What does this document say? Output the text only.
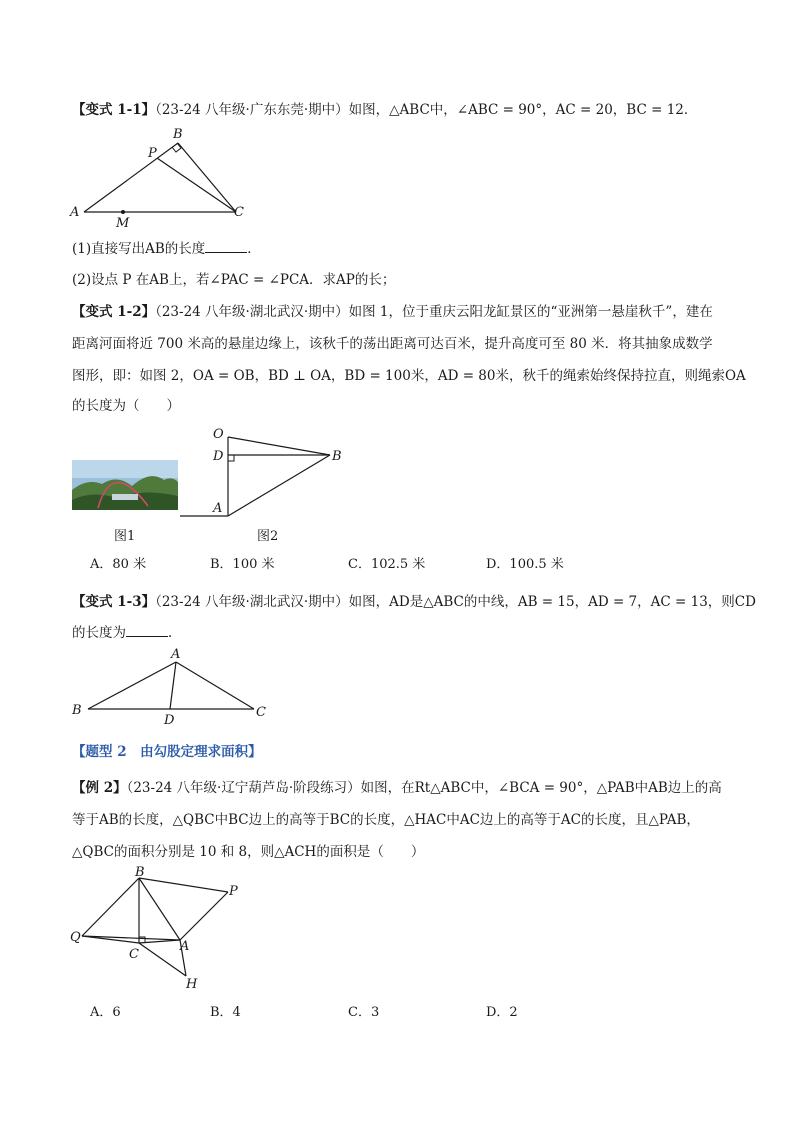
【变式 1-1】（23-24 八年级·广东东莞·期中）如图，△ABC中，∠ABC = 90°，AC = 20，BC = 12．
A
B
C
P
M
(1)直接写出AB的长度	．
(2)设点 P 在AB上，若∠PAC = ∠PCA．求AP的长；
【变式 1-2】（23-24 八年级·湖北武汉·期中）如图 1，位于重庆云阳龙缸景区的“亚洲第一悬崖秋千”，建在
距离河面将近 700 米高的悬崖边缘上，该秋千的荡出距离可达百米，提升高度可至 80 米．将其抽象成数学
图形，即：如图 2，OA = OB，BD ⊥ OA，BD = 100米，AD = 80米，秋千的绳索始终保持拉直，则绳索OA
的长度为（　　）
O
D	B
A
图1	图2
A．80 米	B．100 米	C．102.5 米	D．100.5 米
【变式 1-3】（23-24 八年级·湖北武汉·期中）如图，AD是△ABC的中线，AB = 15，AD = 7，AC = 13，则CD
的长度为	．
A
B	C
D
【题型 2　由勾股定理求面积】
【例 2】（23-24 八年级·辽宁葫芦岛·阶段练习）如图，在Rt△ABC中，∠BCA = 90°，△PAB中AB边上的高
等于AB的长度，△QBC中BC边上的高等于BC的长度，△HAC中AC边上的高等于AC的长度，且△PAB，
△QBC的面积分别是 10 和 8，则△ACH的面积是（　　）
B
P
Q
C
A
H
A．6	B．4	C．3	D．2
